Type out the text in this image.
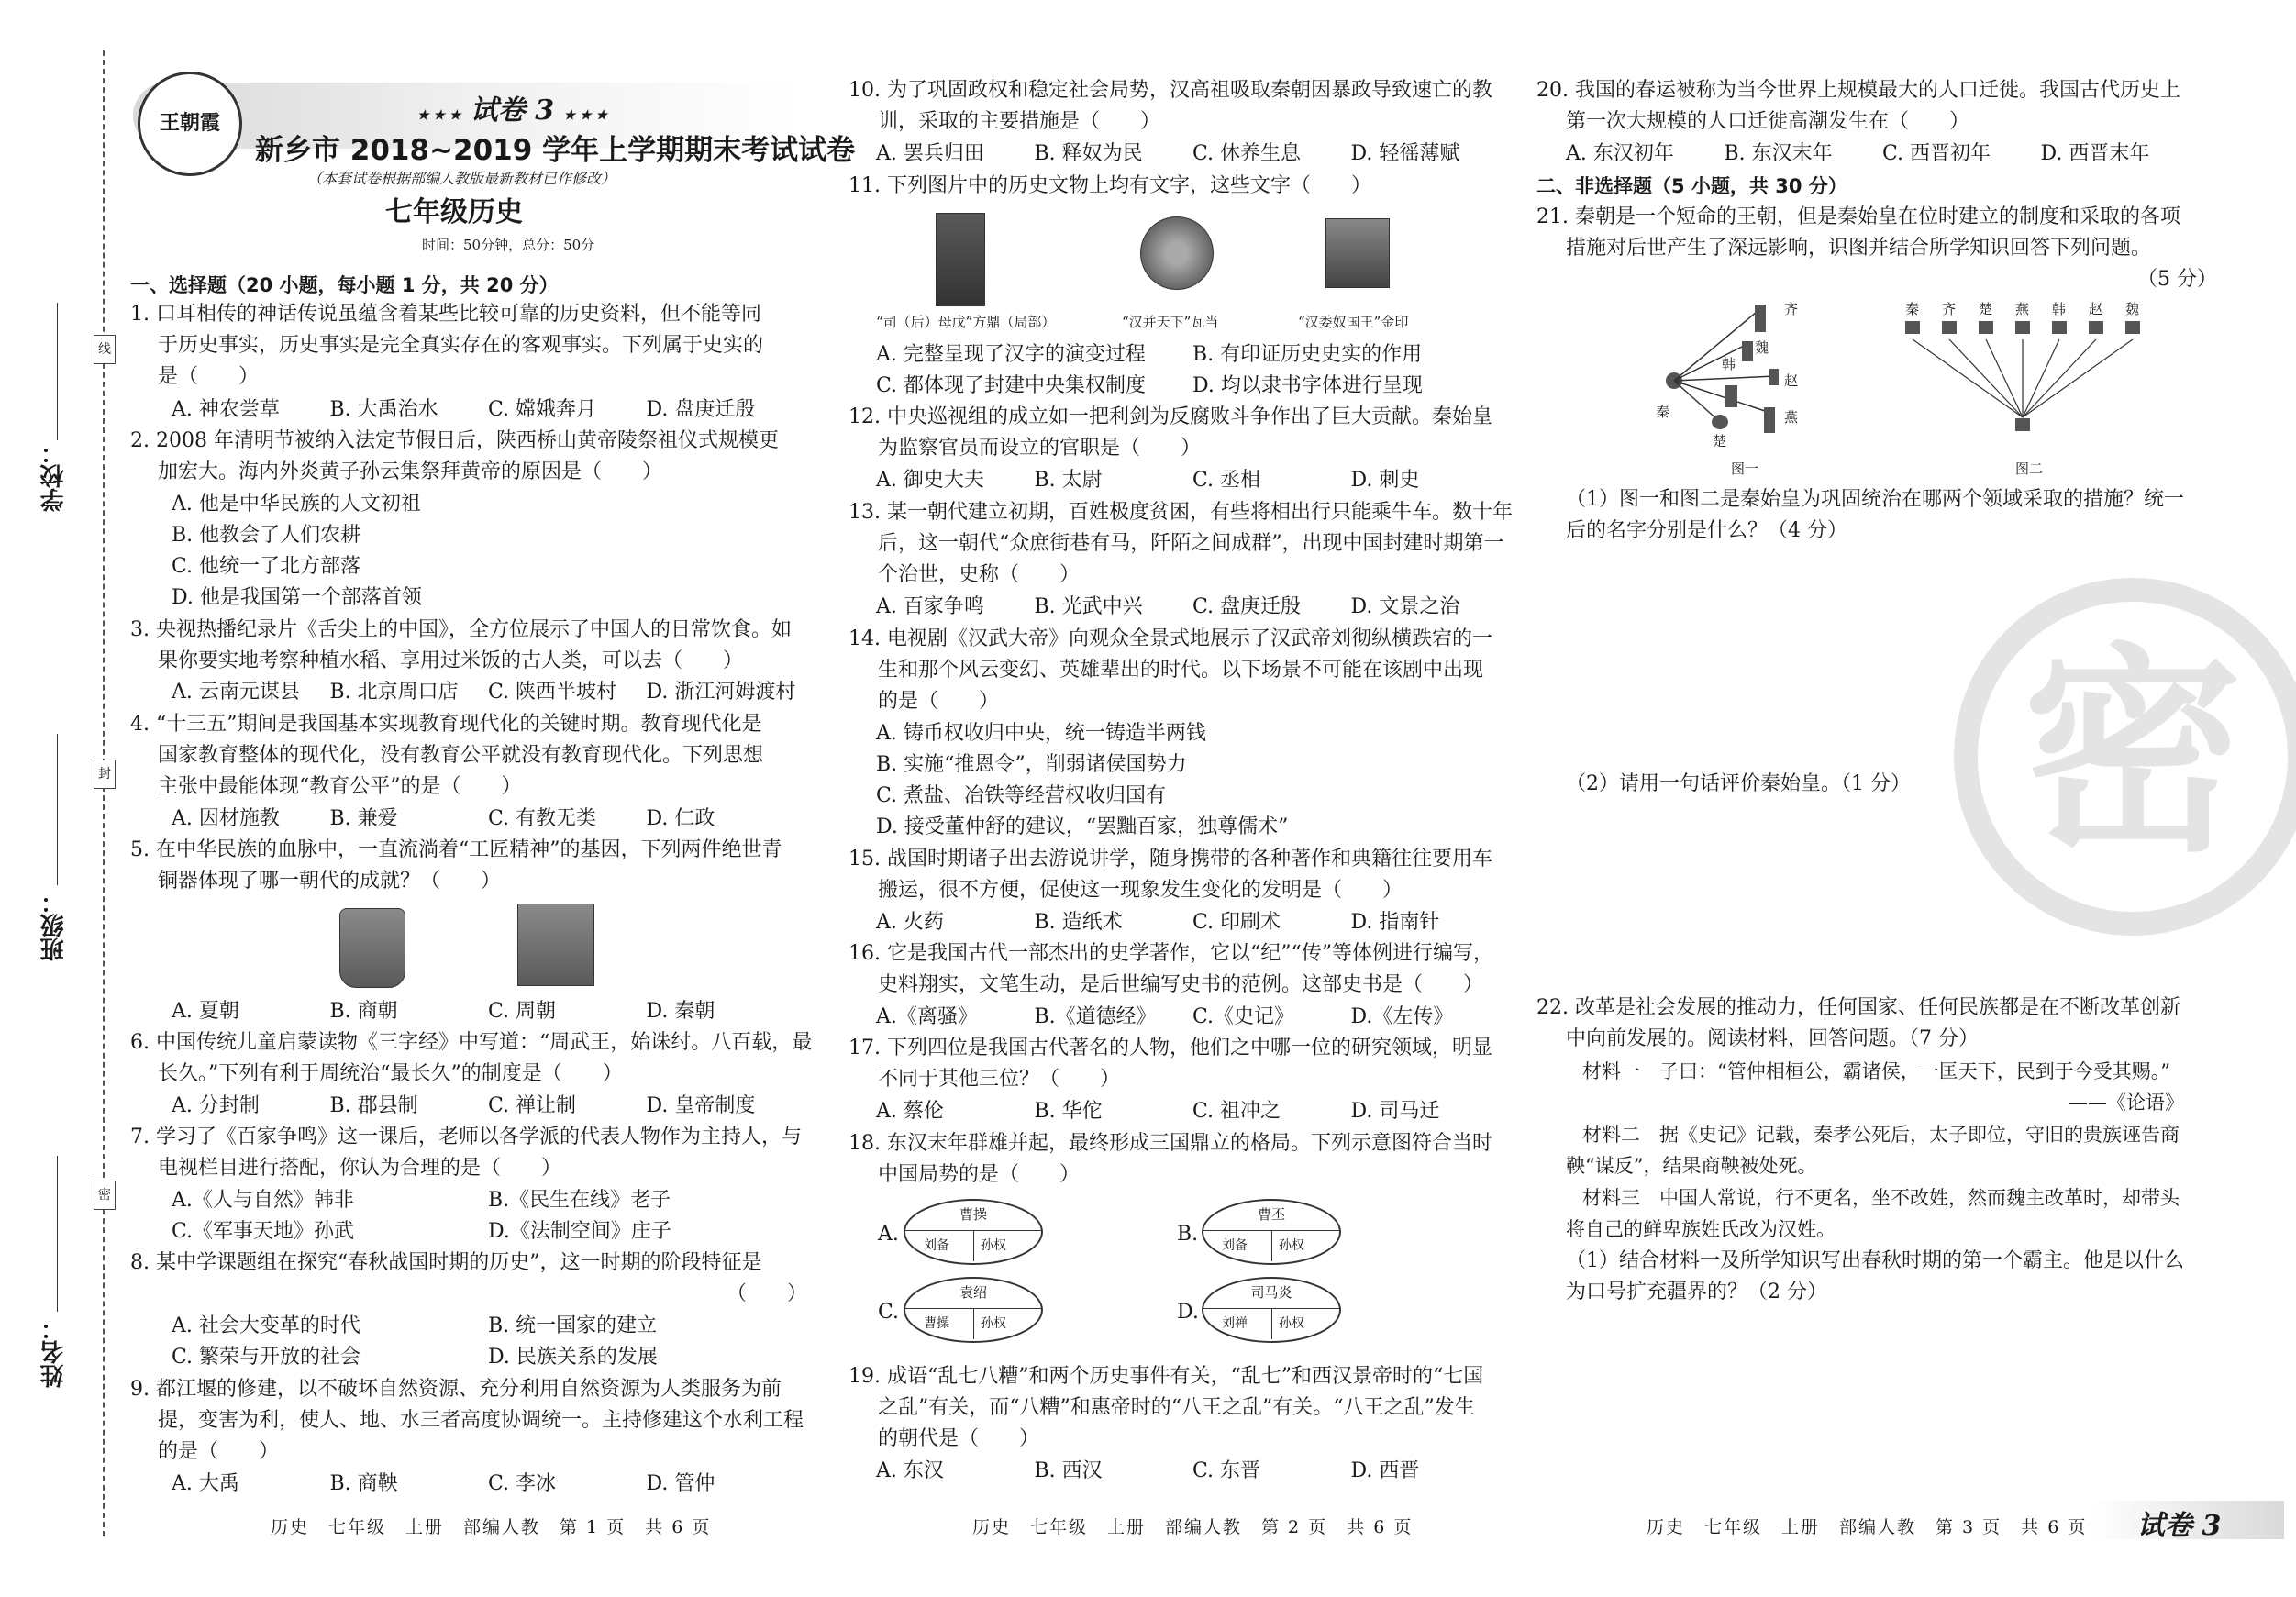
线
封
密
学校：
班级：
姓名：
王朝霞	★ ★ ★ 试卷 3 ★ ★ ★
新乡市 2018~2019 学年上学期期末考试试卷
（本套试卷根据部编人教版最新教材已作修改）
七年级历史
时间：50分钟，总分：50分
一、选择题（20 小题，每小题 1 分，共 20 分）
1. 口耳相传的神话传说虽蕴含着某些比较可靠的历史资料，但不能等同
于历史事实，历史事实是完全真实存在的客观事实。下列属于史实的
是（　　）
A. 神农尝草	B. 大禹治水	C. 嫦娥奔月	D. 盘庚迁殷
2. 2008 年清明节被纳入法定节假日后，陕西桥山黄帝陵祭祖仪式规模更
加宏大。海内外炎黄子孙云集祭拜黄帝的原因是（　　）
A. 他是中华民族的人文初祖
B. 他教会了人们农耕
C. 他统一了北方部落
D. 他是我国第一个部落首领
3. 央视热播纪录片《舌尖上的中国》，全方位展示了中国人的日常饮食。如
果你要实地考察种植水稻、享用过米饭的古人类，可以去（　　）
A. 云南元谋县	B. 北京周口店	C. 陕西半坡村	D. 浙江河姆渡村
4. “十三五”期间是我国基本实现教育现代化的关键时期。教育现代化是
国家教育整体的现代化，没有教育公平就没有教育现代化。下列思想
主张中最能体现“教育公平”的是（　　）
A. 因材施教	B. 兼爱	C. 有教无类	D. 仁政
5. 在中华民族的血脉中，一直流淌着“工匠精神”的基因，下列两件绝世青
铜器体现了哪一朝代的成就？（　　）
A. 夏朝	B. 商朝	C. 周朝	D. 秦朝
6. 中国传统儿童启蒙读物《三字经》中写道：“周武王，始诛纣。八百载，最
长久。”下列有利于周统治“最长久”的制度是（　　）
A. 分封制	B. 郡县制	C. 禅让制	D. 皇帝制度
7. 学习了《百家争鸣》这一课后，老师以各学派的代表人物作为主持人，与
电视栏目进行搭配，你认为合理的是（　　）
A.《人与自然》韩非	B.《民生在线》老子
C.《军事天地》孙武	D.《法制空间》庄子
8. 某中学课题组在探究“春秋战国时期的历史”，这一时期的阶段特征是
（　　）
A. 社会大变革的时代	B. 统一国家的建立
C. 繁荣与开放的社会	D. 民族关系的发展
9. 都江堰的修建，以不破坏自然资源、充分利用自然资源为人类服务为前
提，变害为利，使人、地、水三者高度协调统一。主持修建这个水利工程
的是（　　）
A. 大禹	B. 商鞅	C. 李冰	D. 管仲
历史　七年级　上册　部编人教　第 1 页　共 6 页
10. 为了巩固政权和稳定社会局势，汉高祖吸取秦朝因暴政导致速亡的教
训，采取的主要措施是（　　）
A. 罢兵归田	B. 释奴为民	C. 休养生息	D. 轻徭薄赋
11. 下列图片中的历史文物上均有文字，这些文字（　　）
“司（后）母戊”方鼎（局部）	“汉并天下”瓦当	“汉委奴国王”金印
A. 完整呈现了汉字的演变过程	B. 有印证历史史实的作用
C. 都体现了封建中央集权制度	D. 均以隶书字体进行呈现
12. 中央巡视组的成立如一把利剑为反腐败斗争作出了巨大贡献。秦始皇
为监察官员而设立的官职是（　　）
A. 御史大夫	B. 太尉	C. 丞相	D. 刺史
13. 某一朝代建立初期，百姓极度贫困，有些将相出行只能乘牛车。数十年
后，这一朝代“众庶街巷有马，阡陌之间成群”，出现中国封建时期第一
个治世，史称（　　）
A. 百家争鸣	B. 光武中兴	C. 盘庚迁殷	D. 文景之治
14. 电视剧《汉武大帝》向观众全景式地展示了汉武帝刘彻纵横跌宕的一
生和那个风云变幻、英雄辈出的时代。以下场景不可能在该剧中出现
的是（　　）
A. 铸币权收归中央，统一铸造半两钱
B. 实施“推恩令”，削弱诸侯国势力
C. 煮盐、冶铁等经营权收归国有
D. 接受董仲舒的建议，“罢黜百家，独尊儒术”
15. 战国时期诸子出去游说讲学，随身携带的各种著作和典籍往往要用车
搬运，很不方便，促使这一现象发生变化的发明是（　　）
A. 火药	B. 造纸术	C. 印刷术	D. 指南针
16. 它是我国古代一部杰出的史学著作，它以“纪”“传”等体例进行编写，
史料翔实，文笔生动，是后世编写史书的范例。这部史书是（　　）
A.《离骚》	B.《道德经》	C.《史记》	D.《左传》
17. 下列四位是我国古代著名的人物，他们之中哪一位的研究领域，明显
不同于其他三位？（　　）
A. 蔡伦	B. 华佗	C. 祖冲之	D. 司马迁
18. 东汉末年群雄并起，最终形成三国鼎立的格局。下列示意图符合当时
中国局势的是（　　）
A.
曹操
刘备 孙权	B.
曹丕
刘备 孙权
C.
袁绍
曹操 孙权	D.
司马炎
刘禅 孙权
19. 成语“乱七八糟”和两个历史事件有关，“乱七”和西汉景帝时的“七国
之乱”有关，而“八糟”和惠帝时的“八王之乱”有关。“八王之乱”发生
的朝代是（　　）
A. 东汉	B. 西汉	C. 东晋	D. 西晋
历史　七年级　上册　部编人教　第 2 页　共 6 页
密
20. 我国的春运被称为当今世界上规模最大的人口迁徙。我国古代历史上
第一次大规模的人口迁徙高潮发生在（　　）
A. 东汉初年	B. 东汉末年	C. 西晋初年	D. 西晋末年
二、非选择题（5 小题，共 30 分）
21. 秦朝是一个短命的王朝，但是秦始皇在位时建立的制度和采取的各项
措施对后世产生了深远影响，识图并结合所学知识回答下列问题。
（5 分）
齐
魏
韩
赵
秦
楚
燕
图一
秦 齐 楚 燕 韩 赵 魏
图二
（1）图一和图二是秦始皇为巩固统治在哪两个领域采取的措施？统一
后的名字分别是什么？（4 分）
（2）请用一句话评价秦始皇。（1 分）
22. 改革是社会发展的推动力，任何国家、任何民族都是在不断改革创新
中向前发展的。阅读材料，回答问题。（7 分）
材料一　子曰：“管仲相桓公，霸诸侯，一匡天下，民到于今受其赐。”
——《论语》
材料二　据《史记》记载，秦孝公死后，太子即位，守旧的贵族诬告商
鞅“谋反”，结果商鞅被处死。
材料三　中国人常说，行不更名，坐不改姓，然而魏主改革时，却带头
将自己的鲜卑族姓氏改为汉姓。
（1）结合材料一及所学知识写出春秋时期的第一个霸主。他是以什么
为口号扩充疆界的？（2 分）
历史　七年级　上册　部编人教　第 3 页　共 6 页 试卷 3
